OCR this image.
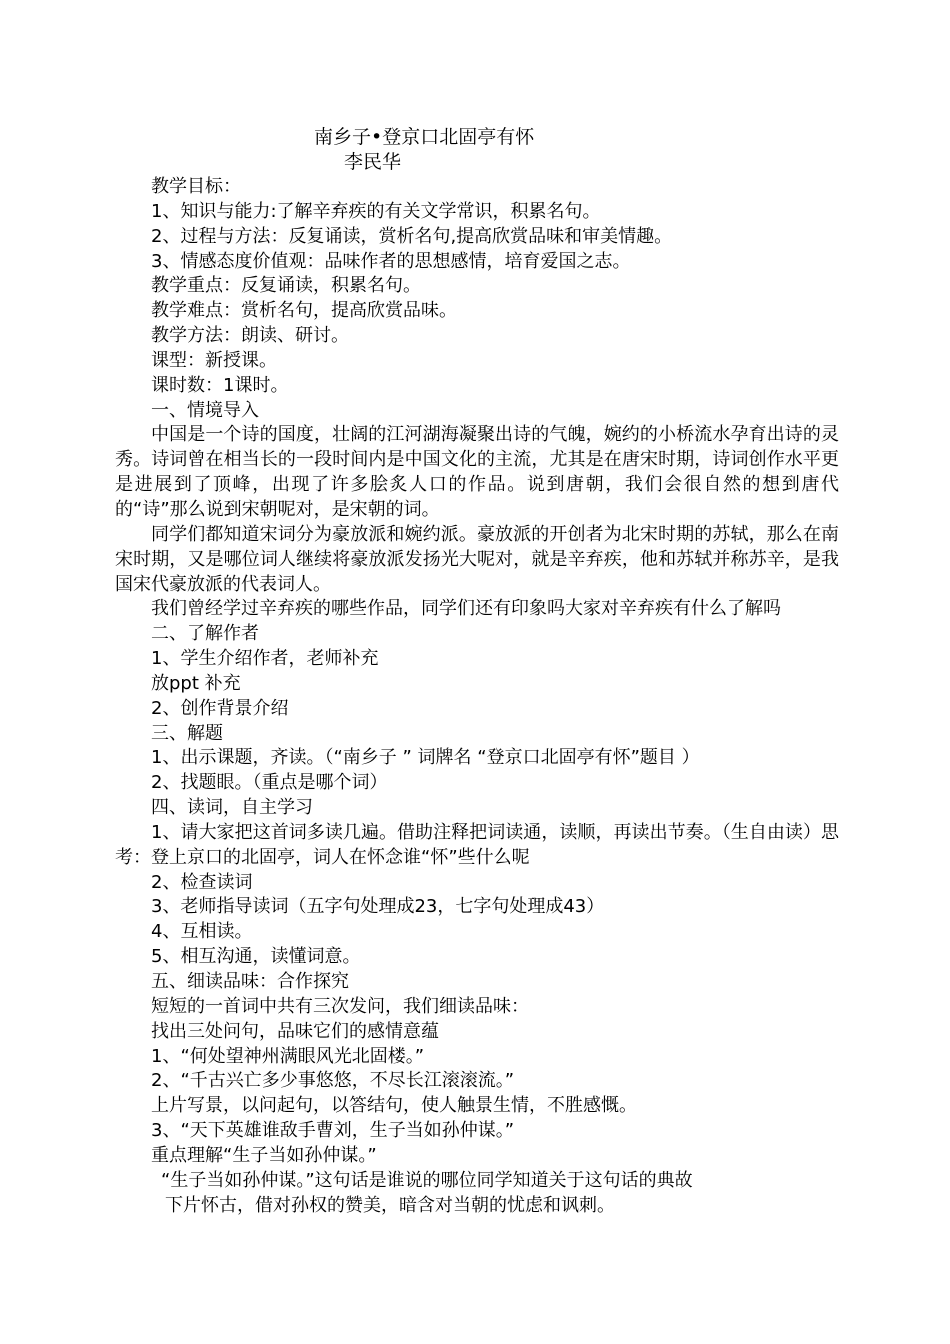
南乡子•登京口北固亭有怀
李民华

教学目标：

1、知识与能力:了解辛弃疾的有关文学常识，积累名句。

2、过程与方法：反复诵读，赏析名句,提高欣赏品味和审美情趣。

3、情感态度价值观：品味作者的思想感情，培育爱国之志。

教学重点：反复诵读，积累名句。

教学难点：赏析名句，提高欣赏品味。

教学方法：朗读、研讨。

课型：新授课。

课时数：1课时。

一、情境导入

中国是一个诗的国度，壮阔的江河湖海凝聚出诗的气魄，婉约的小桥流水孕育出诗的灵秀。诗词曾在相当长的一段时间内是中国文化的主流，尤其是在唐宋时期，诗词创作水平更是进展到了顶峰，出现了许多脍炙人口的作品。说到唐朝，我们会很自然的想到唐代的“诗”那么说到宋朝呢对，是宋朝的词。

同学们都知道宋词分为豪放派和婉约派。豪放派的开创者为北宋时期的苏轼，那么在南宋时期，又是哪位词人继续将豪放派发扬光大呢对，就是辛弃疾，他和苏轼并称苏辛，是我国宋代豪放派的代表词人。

我们曾经学过辛弃疾的哪些作品，同学们还有印象吗大家对辛弃疾有什么了解吗

二、了解作者

1、学生介绍作者，老师补充

放ppt 补充

2、创作背景介绍

三、解题

1、出示课题，齐读。（“南乡子 ” 词牌名 “登京口北固亭有怀”题目 ）

2、找题眼。（重点是哪个词）

四、读词，自主学习

1、请大家把这首词多读几遍。借助注释把词读通，读顺，再读出节奏。（生自由读）思考：登上京口的北固亭，词人在怀念谁“怀”些什么呢

2、检查读词

3、老师指导读词（五字句处理成23，七字句处理成43）

4、互相读。

5、相互沟通，读懂词意。

五、细读品味：合作探究

短短的一首词中共有三次发问，我们细读品味：

找出三处问句，品味它们的感情意蕴

1、“何处望神州满眼风光北固楼。”

2、“千古兴亡多少事悠悠，不尽长江滚滚流。”

上片写景，以问起句，以答结句，使人触景生情，不胜感慨。

3、“天下英雄谁敌手曹刘，生子当如孙仲谋。”

重点理解“生子当如孙仲谋。”

“生子当如孙仲谋。”这句话是谁说的哪位同学知道关于这句话的典故

下片怀古，借对孙权的赞美，暗含对当朝的忧虑和讽刺。
